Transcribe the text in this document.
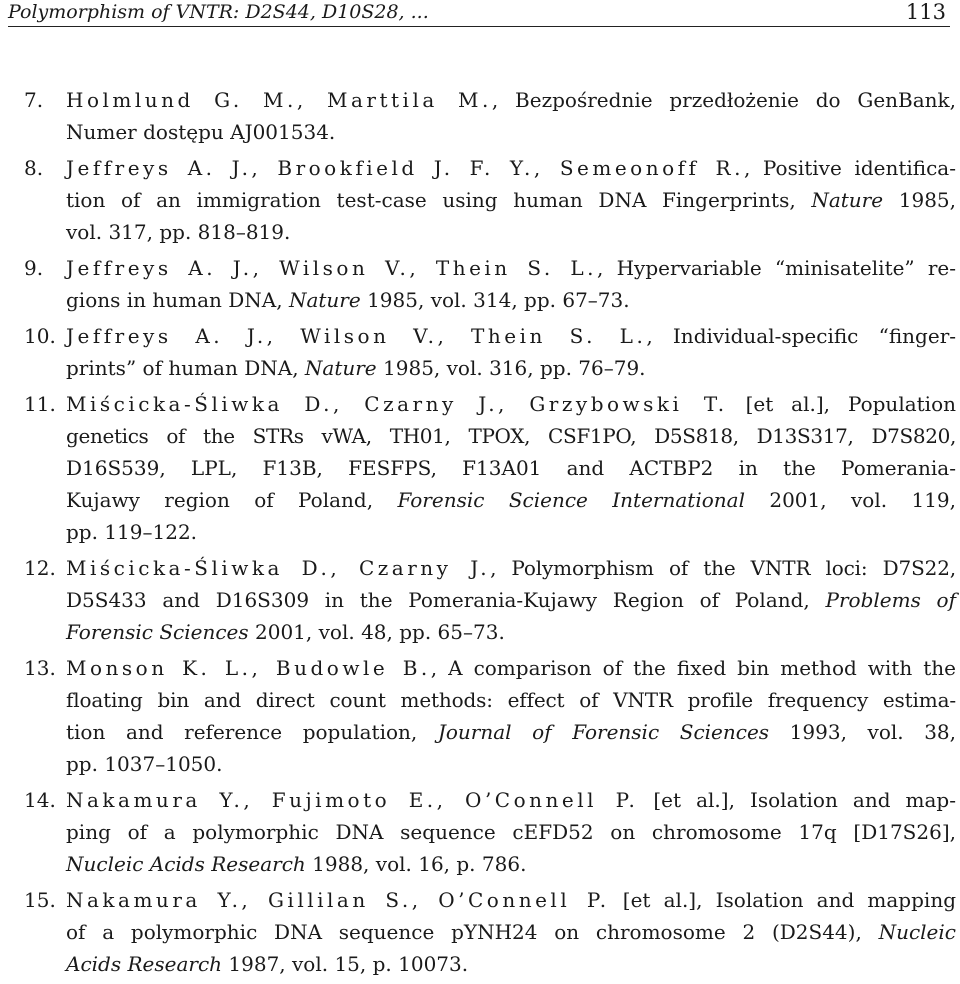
Polymorphism of VNTR: D2S44, D10S28, ...	113
7. Holmlund G. M., Marttila M., Bezpośrednie przedłożenie do GenBank,
Numer dostępu AJ001534.
8. Jeffreys A. J., Brookfield J. F. Y., Semeonoff R., Positive identifica-
tion of an immigration test-case using human DNA Fingerprints, Nature 1985,
vol. 317, pp. 818–819.
9. Jeffreys A. J., Wilson V., Thein S. L., Hypervariable “minisatelite” re-
gions in human DNA, Nature 1985, vol. 314, pp. 67–73.
10. Jeffreys A. J., Wilson V., Thein S. L., Individual-specific “finger-
prints” of human DNA, Nature 1985, vol. 316, pp. 76–79.
11. Miścicka-Śliwka D., Czarny J., Grzybowski T. [et al.], Population
genetics of the STRs vWA, TH01, TPOX, CSF1PO, D5S818, D13S317, D7S820,
D16S539, LPL, F13B, FESFPS, F13A01 and ACTBP2 in the Pomerania-
Kujawy region of Poland, Forensic Science International 2001, vol. 119,
pp. 119–122.
12. Miścicka-Śliwka D., Czarny J., Polymorphism of the VNTR loci: D7S22,
D5S433 and D16S309 in the Pomerania-Kujawy Region of Poland, Problems of
Forensic Sciences 2001, vol. 48, pp. 65–73.
13. Monson K. L., Budowle B., A comparison of the fixed bin method with the
floating bin and direct count methods: effect of VNTR profile frequency estima-
tion and reference population, Journal of Forensic Sciences 1993, vol. 38,
pp. 1037–1050.
14. Nakamura Y., Fujimoto E., O’Connell P. [et al.], Isolation and map-
ping of a polymorphic DNA sequence cEFD52 on chromosome 17q [D17S26],
Nucleic Acids Research 1988, vol. 16, p. 786.
15. Nakamura Y., Gillilan S., O’Connell P. [et al.], Isolation and mapping
of a polymorphic DNA sequence pYNH24 on chromosome 2 (D2S44), Nucleic
Acids Research 1987, vol. 15, p. 10073.
